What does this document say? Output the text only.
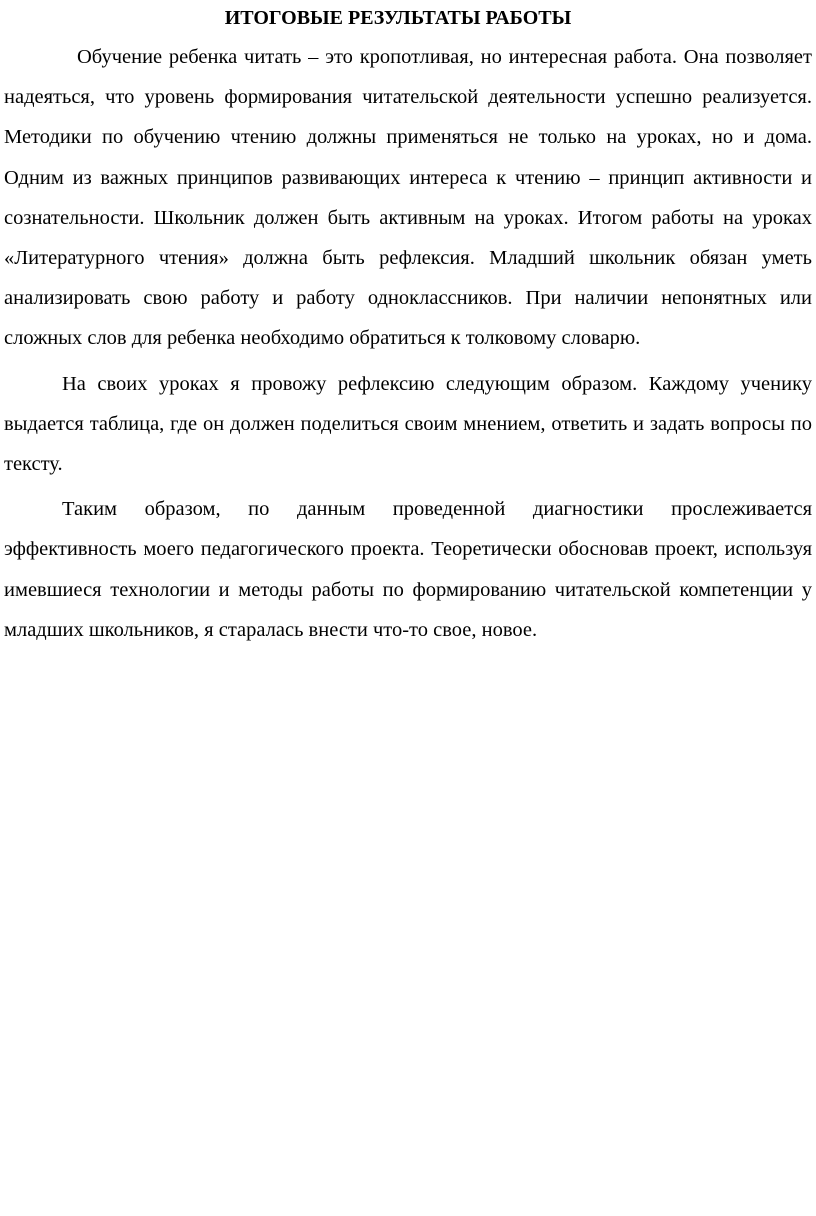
ИТОГОВЫЕ РЕЗУЛЬТАТЫ РАБОТЫ

Обучение ребенка читать – это кропотливая, но интересная работа. Она позволяет надеяться, что уровень формирования читательской деятельности успешно реализуется. Методики по обучению чтению должны применяться не только на уроках, но и дома. Одним из важных принципов развивающих интереса к чтению – принцип активности и сознательности. Школьник должен быть активным на уроках. Итогом работы на уроках «Литературного чтения» должна быть рефлексия. Младший школьник обязан уметь анализировать свою работу и работу одноклассников. При наличии непонятных или сложных слов для ребенка необходимо обратиться к толковому словарю.

На своих уроках я провожу рефлексию следующим образом. Каждому ученику выдается таблица, где он должен поделиться своим мнением, ответить и задать вопросы по тексту.

Таким образом, по данным проведенной диагностики прослеживается эффективность моего педагогического проекта. Теоретически обосновав проект, используя имевшиеся технологии и методы работы по формированию читательской компетенции у младших школьников, я старалась внести что-то свое, новое.
